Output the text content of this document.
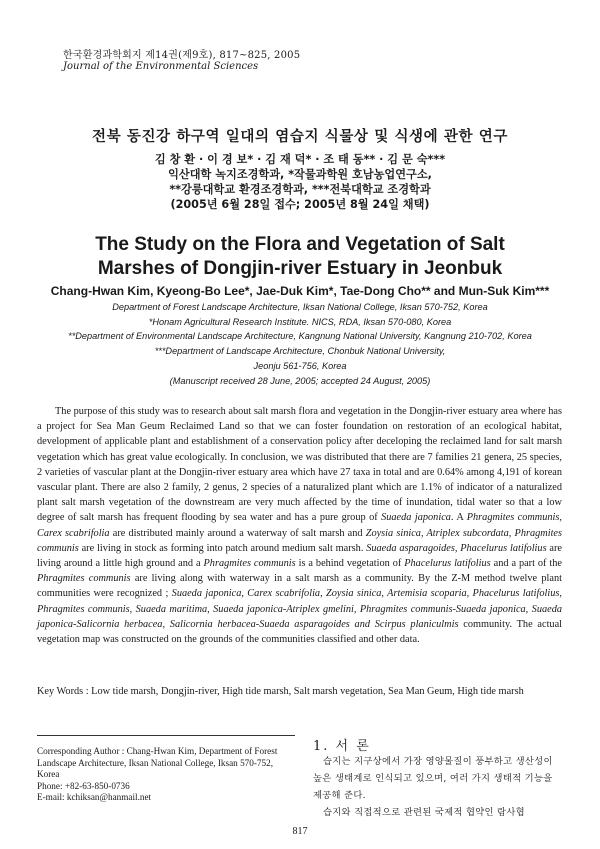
한국환경과학회지 제14권(제9호), 817~825, 2005
Journal of the Environmental Sciences
전북 동진강 하구역 일대의 염습지 식물상 및 식생에 관한 연구
김 창 환 · 이 경 보* · 김 재 덕* · 조 태 동** · 김 문 숙***
익산대학 녹지조경학과, *작물과학원 호남농업연구소,
**강릉대학교 환경조경학과, ***전북대학교 조경학과
(2005년 6월 28일 접수; 2005년 8월 24일 채택)
The Study on the Flora and Vegetation of Salt
Marshes of Dongjin-river Estuary in Jeonbuk
Chang-Hwan Kim, Kyeong-Bo Lee*, Jae-Duk Kim*, Tae-Dong Cho** and Mun-Suk Kim***
Department of Forest Landscape Architecture, Iksan National College, Iksan 570-752, Korea
*Honam Agricultural Research Institute. NICS, RDA, Iksan 570-080, Korea
**Department of Environmental Landscape Architecture, Kangnung National University, Kangnung 210-702, Korea
***Department of Landscape Architecture, Chonbuk National University,
Jeonju 561-756, Korea
(Manuscript received 28 June, 2005; accepted 24 August, 2005)

The purpose of this study was to research about salt marsh flora and vegetation in the Dongjin-river estuary area where has a project for Sea Man Geum Reclaimed Land so that we can foster foundation on restoration of an ecological habitat, development of applicable plant and establishment of a conservation policy after deceloping the reclaimed land for salt marsh vegetation which has great value ecologically. In conclusion, we was distributed that there are 7 families 21 genera, 25 species, 2 varieties of vascular plant at the Dongjin-river estuary area which have 27 taxa in total and are 0.64% among 4,191 of korean vascular plant. There are also 2 family, 2 genus, 2 species of a naturalized plant which are 1.1% of indicator of a naturalized plant salt marsh vegetation of the downstream are very much affected by the time of inundation, tidal water so that a low degree of salt marsh has frequent flooding by sea water and has a pure group of Suaeda japonica. A Phragmites communis, Carex scabrifolia are distributed mainly around a waterway of salt marsh and Zoysia sinica, Atriplex subcordata, Phragmites communis are living in stock as forming into patch around medium salt marsh. Suaeda asparagoides, Phacelurus latifolius are living around a little high ground and a Phragmites communis is a behind vegetation of Phacelurus latifolius and a part of the Phragmites communis are living along with waterway in a salt marsh as a community. By the Z-M method twelve plant communities were recognized ; Suaeda japonica, Carex scabrifolia, Zoysia sinica, Artemisia scoparia, Phacelurus latifolius, Phragmites communis, Suaeda maritima, Suaeda japonica-Atriplex gmelini, Phragmites communis-Suaeda japonica, Suaeda japonica-Salicornia herbacea, Salicornia herbacea-Suaeda asparagoides and Scirpus planiculmis community. The actual vegetation map was constructed on the grounds of the communities classified and other data.

Key Words : Low tide marsh, Dongjin-river, High tide marsh, Salt marsh vegetation, Sea Man Geum, High tide marsh
Corresponding Author : Chang-Hwan Kim, Department of Forest Landscape Architecture, Iksan National College, Iksan 570-752, Korea
Phone: +82-63-850-0736
E-mail: kchiksan@hanmail.net
1. 서 론
습지는 지구상에서 가장 영양물질이 풍부하고 생산성이 높은 생태계로 인식되고 있으며, 여러 가지 생태적 기능을 제공해 준다.
습지와 직접적으로 관련된 국제적 협약인 람사협
817
